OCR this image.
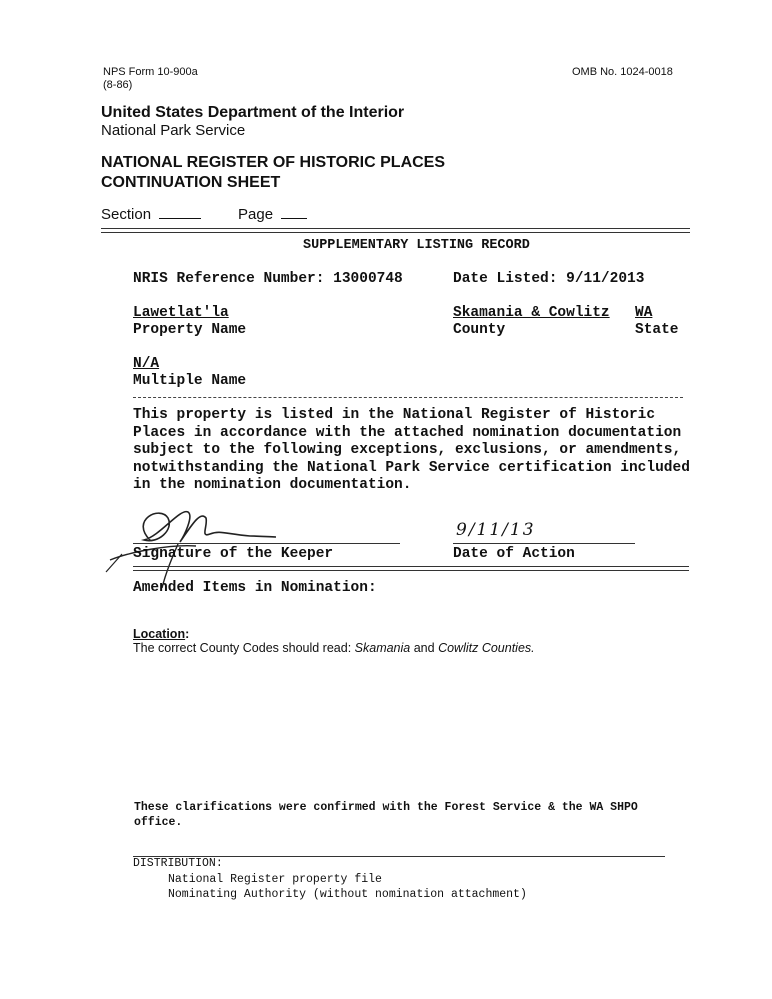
NPS Form 10-900a
(8-86)
OMB No. 1024-0018
United States Department of the Interior
National Park Service
NATIONAL REGISTER OF HISTORIC PLACES
CONTINUATION SHEET
Section	Page
SUPPLEMENTARY LISTING RECORD
NRIS Reference Number: 13000748	Date Listed: 9/11/2013
Lawetlat'la
Property Name
Skamania & Cowlitz
County
WA
State
N/A
Multiple Name
This property is listed in the National Register of Historic
Places in accordance with the attached nomination documentation
subject to the following exceptions, exclusions, or amendments,
notwithstanding the National Park Service certification included
in the nomination documentation.
Signature of the Keeper
9/11/13
Date of Action
Amended Items in Nomination:
Location:
The correct County Codes should read: Skamania and Cowlitz Counties.
These clarifications were confirmed with the Forest Service & the WA SHPO
office.
DISTRIBUTION:
National Register property file
Nominating Authority (without nomination attachment)
